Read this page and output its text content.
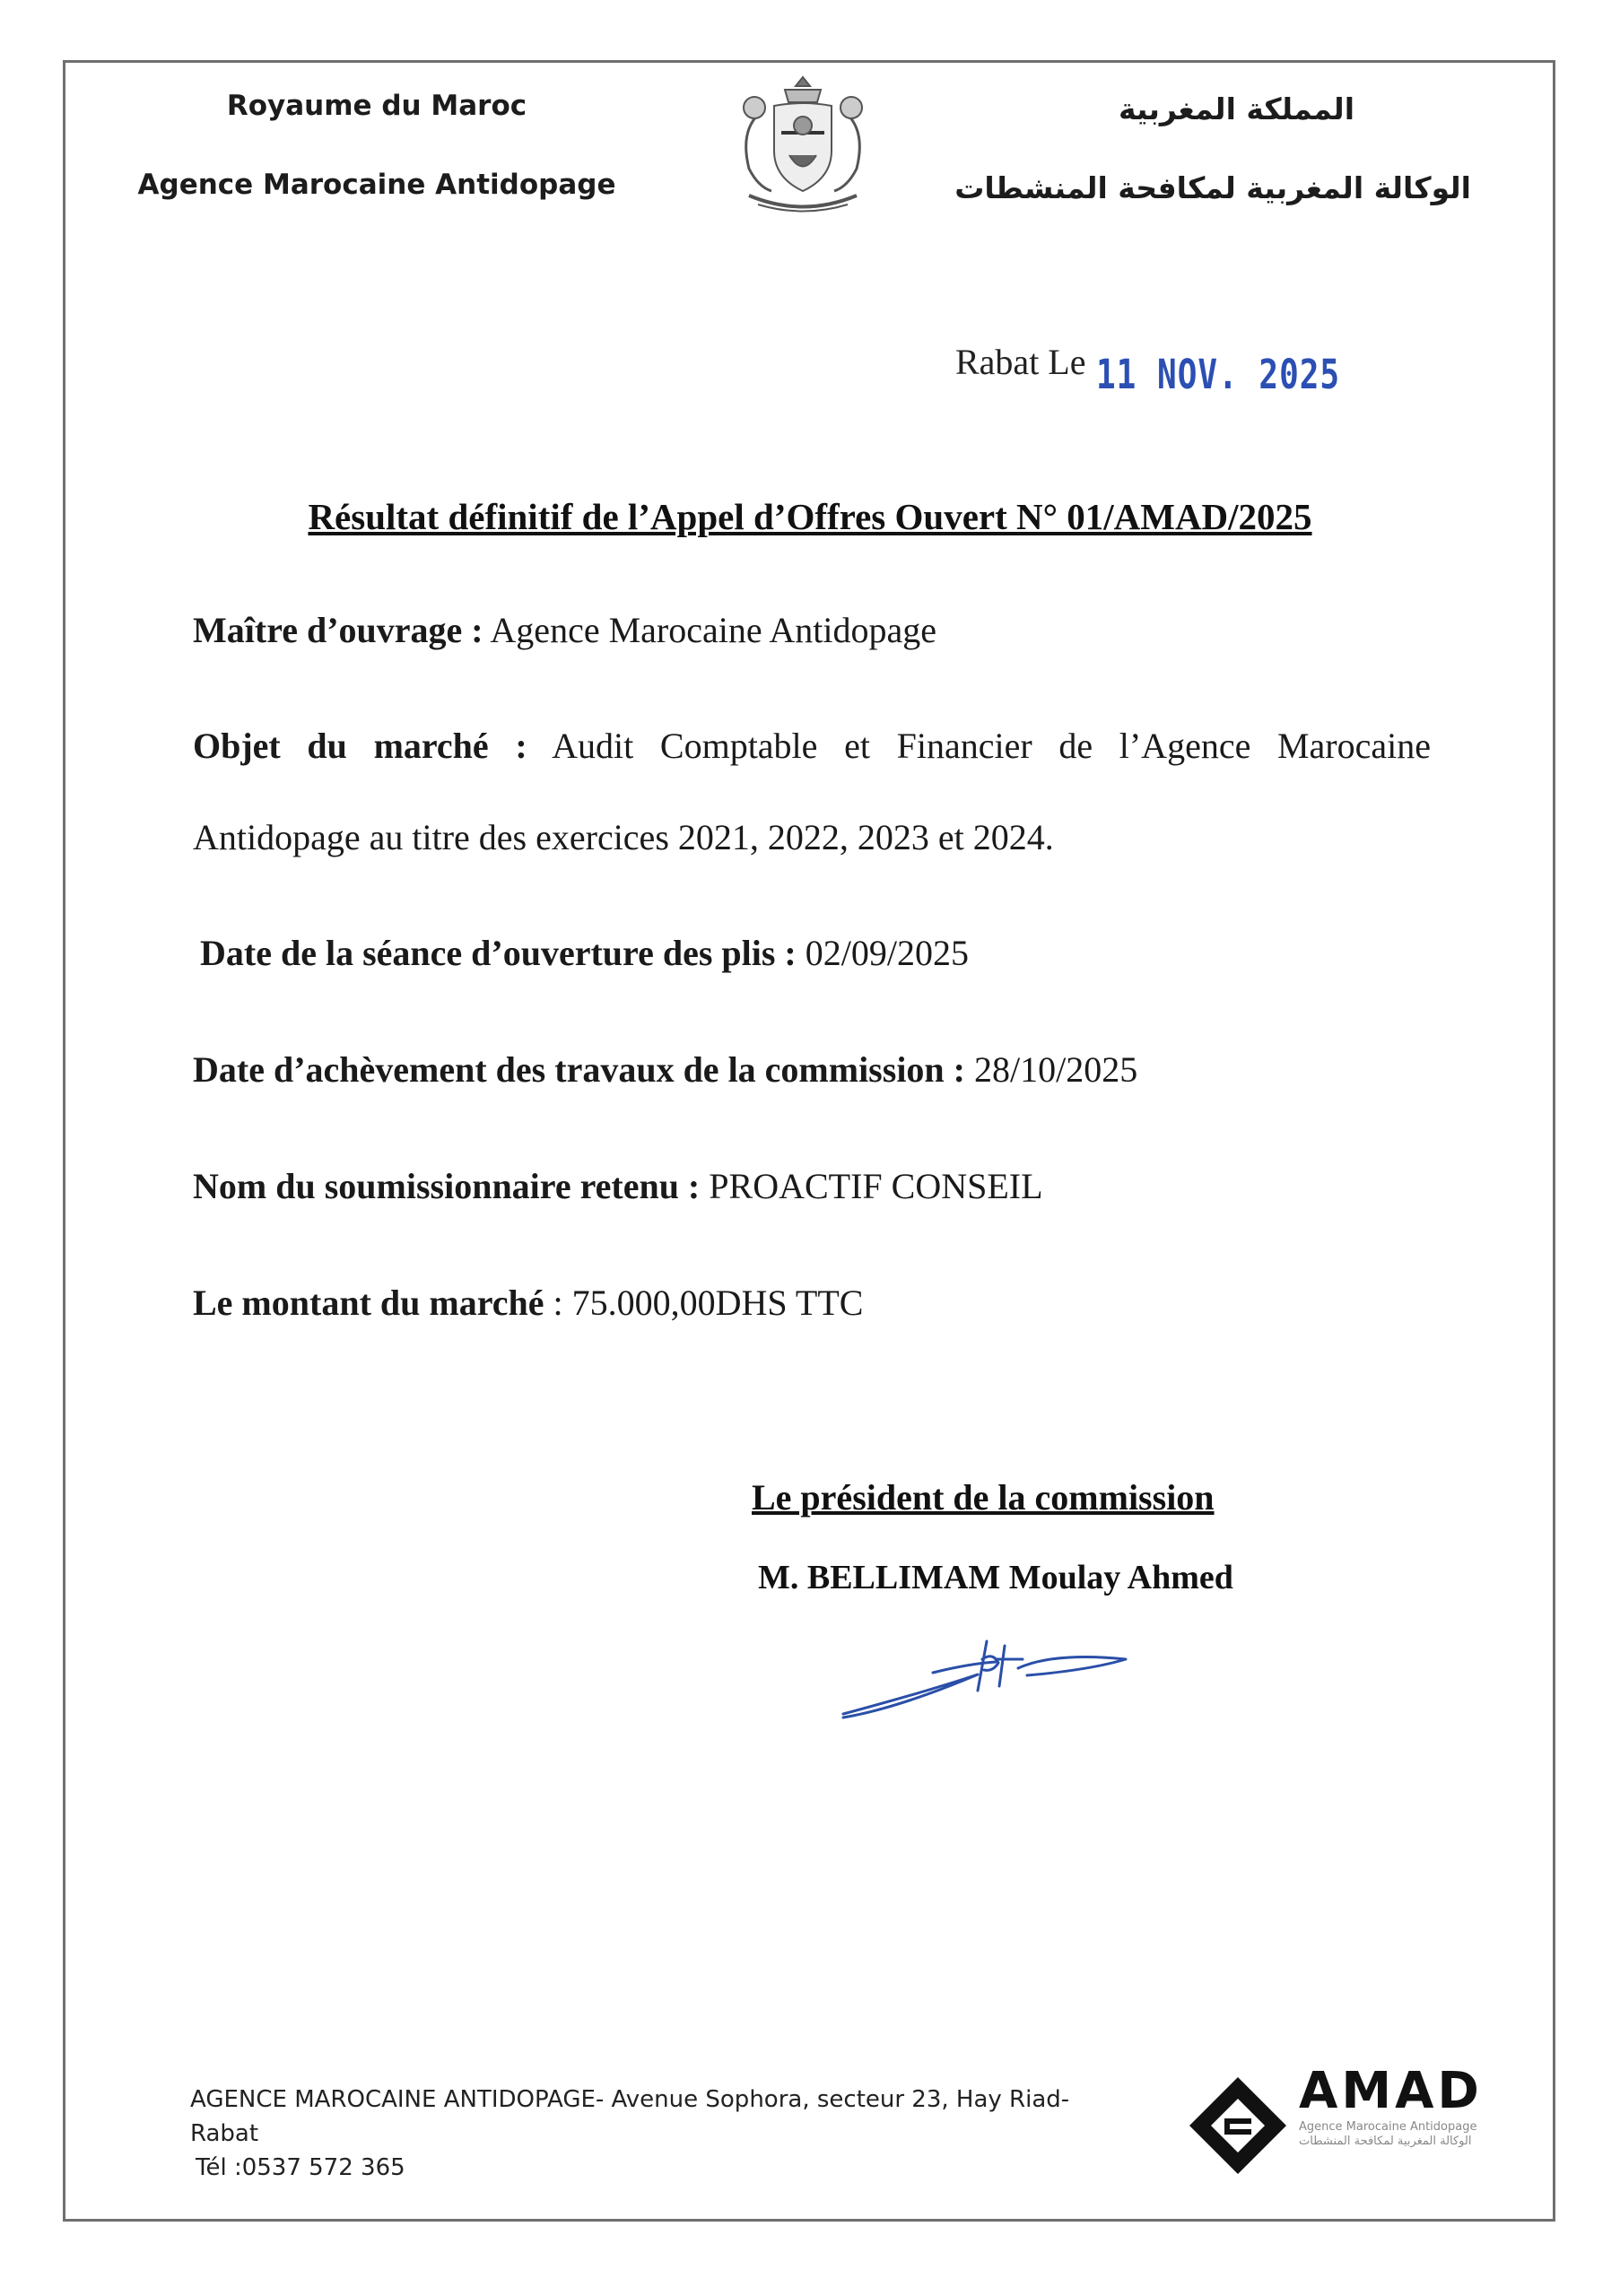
Royaume du Maroc
Agence Marocaine Antidopage
المملكة المغربية
الوكالة المغربية لمكافحة المنشطات
Rabat Le 11 NOV. 2025
Résultat définitif de l’Appel d’Offres Ouvert N° 01/AMAD/2025
Maître d’ouvrage : Agence Marocaine Antidopage
Objet du marché : Audit Comptable et Financier de l’Agence Marocaine
Antidopage au titre des exercices 2021, 2022, 2023 et 2024.
Date de la séance d’ouverture des plis : 02/09/2025
Date d’achèvement des travaux de la commission : 28/10/2025
Nom du soumissionnaire retenu : PROACTIF CONSEIL
Le montant du marché : 75.000,00DHS TTC
Le président de la commission
M. BELLIMAM Moulay Ahmed
AGENCE MAROCAINE ANTIDOPAGE- Avenue Sophora, secteur 23, Hay Riad-
Rabat
Tél :0537 572 365
AMAD
Agence Marocaine Antidopage
الوكالة المغربية لمكافحة المنشطات
